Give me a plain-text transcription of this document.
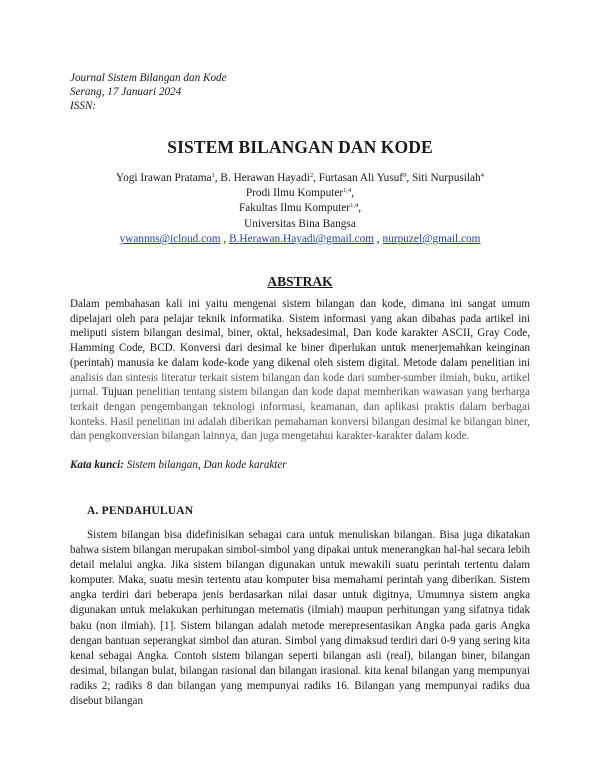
Journal Sistem Bilangan dan Kode
Serang, 17 Januari 2024
ISSN:
SISTEM BILANGAN DAN KODE
Yogi Irawan Pratama$^1$, B. Herawan Hayadi$^2$, Furtasan Ali Yusuf$^9$, Siti Nurpusilah$^4$
Prodi Ilmu Komputer$^{1,4}$,
Fakultas Ilmu Komputer$^{1,4}$,
Universitas Bina Bangsa
ywannns@icloud.com , B.Herawan.Hayadi@gmail.com , nurpuzel@gmail.com
ABSTRAK
Dalam pembahasan kali ini yaitu mengenai sistem bilangan dan kode, dimana ini sangat umum dipelajari oleh para pelajar teknik informatika. Sistem informasi yang akan dibahas pada artikel ini meliputi sistem bilangan desimal, biner, oktal, heksadesimal, Dan kode karakter ASCII, Gray Code, Hamming Code, BCD. Konversi dari desimal ke biner diperlukan untuk menerjemahkan keinginan (perintah) manusia ke dalam kode-kode yang dikenal oleh sistem digital. Metode dalam penelitian ini analisis dan sintesis literatur terkait sistem bilangan dan kode dari sumber-sumber ilmiah, buku, artikel jurnal. Tujuan penelitian tentang sistem bilangan dan kode dapat memberikan wawasan yang berharga terkait dengan pengembangan teknologi informasi, keamanan, dan aplikasi praktis dalam berbagai konteks. Hasil penelitian ini adalah diberikan pemahaman konversi bilangan desimal ke bilangan biner, dan pengkonversian bilangan lainnya, dan juga mengetahui karakter-karakter dalam kode.
Kata kunci: Sistem bilangan, Dan kode karakter
A. PENDAHULUAN

Sistem bilangan bisa didefinisikan sebagai cara untuk menuliskan bilangan. Bisa juga dikatakan bahwa sistem bilangan merupakan simbol-simbol yang dipakai untuk menerangkan hal-hal secara lebih detail melalui angka. Jika sistem bilangan digunakan untuk mewakili suatu perintah tertentu dalam komputer. Maka, suatu mesin tertentu atau komputer bisa memahami perintah yang diberikan. Sistem angka terdiri dari beberapa jenis berdasarkan nilai dasar untuk digitnya, Umumnya sistem angka digunakan untuk melakukan perhitungan metematis (ilmiah) maupun perhitungan yang sifatnya tidak baku (non ilmiah). [1]. Sistem bilangan adalah metode merepresentasikan Angka pada garis Angka dengan bantuan seperangkat simbol dan aturan. Simbol yang dimaksud terdiri dari 0-9 yang sering kita kenal sebagai Angka. Contoh sistem bilangan seperti bilangan asli (real), bilangan biner, bilangan desimal, bilangan bulat, bilangan rasional dan bilangan irasional. kita kenal bilangan yang mempunyai radiks 2; radiks 8 dan bilangan yang mempunyai radiks 16. Bilangan yang mempunyai radiks dua disebut bilangan
